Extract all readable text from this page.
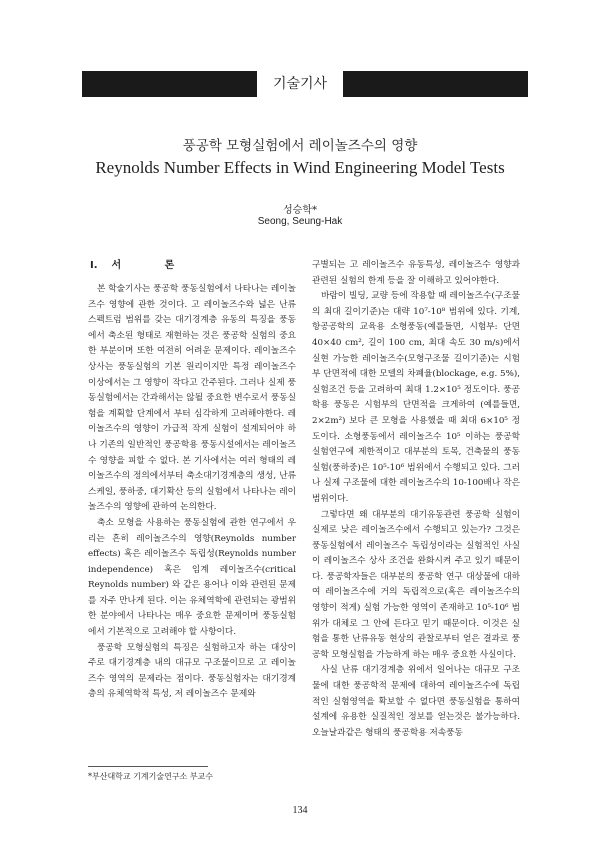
기술기사
풍공학 모형실험에서 레이놀즈수의 영향
Reynolds Number Effects in Wind Engineering Model Tests
성승학*
Seong, Seung-Hak
I. 서 론

본 학술기사는 풍공학 풍동실험에서 나타나는 레이놀즈수 영향에 관한 것이다. 고 레이놀즈수와 넓은 난류 스펙트럼 범위를 갖는 대기경계층 유동의 특징을 풍동에서 축소된 형태로 재현하는 것은 풍공학 실험의 중요한 부분이며 또한 여전히 어려운 문제이다. 레이놀즈수 상사는 풍동실험의 기본 원리이지만 특정 레이놀즈수 이상에서는 그 영향이 작다고 간주된다. 그러나 실제 풍동실험에서는 간과해서는 않될 중요한 변수로서 풍동실험을 계획할 단계에서 부터 심각하게 고려해야한다. 레이놀즈수의 영향이 가급적 작게 실험이 설계되어야 하나 기존의 일반적인 풍공학용 풍동시설에서는 레이놀즈수 영향을 피할 수 없다. 본 기사에서는 여러 형태의 레이놀즈수의 정의에서부터 축소대기경계층의 생성, 난류스케일, 풍하중, 대기확산 등의 실험에서 나타나는 레이놀즈수의 영향에 관하여 논의한다.

축소 모형을 사용하는 풍동실험에 관한 연구에서 우리는 흔히 레이놀즈수의 영향(Reynolds number effects) 혹은 레이놀즈수 독립성(Reynolds number independence) 혹은 임계 레이놀즈수(critical Reynolds number) 와 같은 용어나 이와 관련된 문제를 자주 만나게 된다. 이는 유체역학에 관련되는 광범위한 분야에서 나타나는 매우 중요한 문제이며 풍동실험에서 기본적으로 고려해야 할 사항이다.

풍공학 모형실험의 특징은 실험하고자 하는 대상이 주로 대기경계층 내의 대규모 구조물이므로 고 레이놀즈수 영역의 문제라는 점이다. 풍동실험자는 대기경계층의 유체역학적 특성, 저 레이놀즈수 문제와

구별되는 고 레이놀즈수 유동특성, 레이놀즈수 영향과 관련된 실험의 한계 등을 잘 이해하고 있어야한다.

바람이 빌딩, 교량 등에 작용할 때 레이놀즈수(구조물의 최대 길이기준)는 대략 10⁷-10⁸ 범위에 있다. 기계, 항공공학의 교육용 소형풍동(예를들면, 시험부: 단면 40×40 cm², 길이 100 cm, 최대 속도 30 m/s)에서 실현 가능한 레이놀즈수(모형구조물 길이기준)는 시험부 단면적에 대한 모델의 차폐율(blockage, e.g. 5%), 실험조건 등을 고려하여 최대 1.2×10⁵ 정도이다. 풍공학용 풍동은 시험부의 단면적을 크게하여 (예를들면, 2×2m²) 보다 큰 모형을 사용했을 때 최대 6×10⁵ 정도이다. 소형풍동에서 레이놀즈수 10⁵ 이하는 풍공학 실험연구에 제한적이고 대부분의 토목, 건축물의 풍동실험(풍하중)은 10⁵-10⁶ 범위에서 수행되고 있다. 그러나 실제 구조물에 대한 레이놀즈수의 10-100배나 작은 범위이다.

그렇다면 왜 대부분의 대기유동관련 풍공학 실험이 실제로 낮은 레이놀즈수에서 수행되고 있는가? 그것은 풍동실험에서 레이놀즈수 독립성이라는 실험적인 사실이 레이놀즈수 상사 조건을 완화시켜 주고 있기 때문이다. 풍공학자들은 대부분의 풍공학 연구 대상물에 대하여 레이놀즈수에 거의 독립적으로(혹은 레이놀즈수의 영향이 적게) 실험 가능한 영역이 존재하고 10⁵-10⁶ 범위가 대체로 그 안에 든다고 믿기 때문이다. 이것은 실험을 통한 난류유동 현상의 관찰로부터 얻은 결과로 풍공학 모형실험을 가능하게 하는 매우 중요한 사실이다.

사실 난류 대기경계층 위에서 일어나는 대규모 구조물에 대한 풍공학적 문제에 대하여 레이놀즈수에 독립적인 실험영역을 확보할 수 없다면 풍동실험을 통하여 설계에 유용한 실질적인 정보를 얻는것은 불가능하다. 오늘날과같은 형태의 풍공학용 저속풍동

*부산대학교 기계기술연구소 부교수
134
